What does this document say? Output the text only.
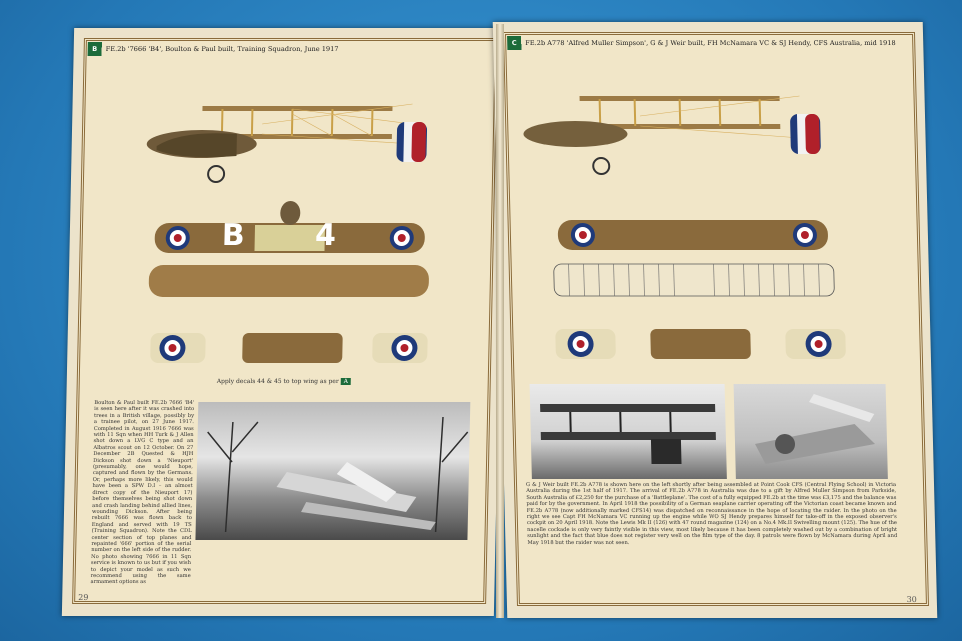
B	FE.2b '7666 'B4', Boulton & Paul built, Training Squadron, June 1917
B 4
Apply decals 44 & 45 to top wing as per A
Boulton & Paul built FE.2b 7666 'B4' is seen here after it was crashed into trees in a British village, possibly by a trainee pilot, on 27 June 1917. Completed in August 1916 7666 was with 11 Sqn when HH Turk & J Allen shot down a LVG C type and an Albatros scout on 12 October. On 27 December 2B Quested & HJH Dickson shot down a 'Nieuport' (presumably, one would hope, captured and flown by the Germans. Or, perhaps more likely, this would have been a SPW D.I – an almost direct copy of the Nieuport 17) before themselves being shot down and crash landing behind allied lines, wounding Dickson. After being rebuilt 7666 was flown back to England and served with 19 TS (Training Squadron). Note the CDL center section of top planes and repainted '666' portion of the serial number on the left side of the rudder. No photo showing 7666 in 11 Sqn service is known to us but if you wish to depict your model as such we recommend using the same armament options as
29
C	FE.2b A778 'Alfred Muller Simpson', G & J Weir built, FH McNamara VC & SJ Hendy, CFS Australia, mid 1918
G & J Weir built FE.2b A778 is shown here on the left shortly after being assembled at Point Cook CFS (Central Flying School) in Victoria Australia during the 1st half of 1917. The arrival of FE.2b A778 in Australia was due to a gift by Alfred Muller Simpson from Parkside, South Australia of £2,250 for the purchase of a 'Battleplane'. The cost of a fully equipped FE.2b at the time was £3,175 and the balance was paid for by the government. In April 1918 the possibility of a German seaplane carrier operating off the Victorian coast became known and FE.2b A778 (now additionally marked CFS14) was dispatched on reconnaissance in the hope of locating the raider. In the photo on the right we see Capt FH McNamara VC running up the engine while WO SJ Hendy prepares himself for take-off in the exposed observer's cockpit on 20 April 1918. Note the Lewis Mk II (126) with 47 round magazine (124) on a No.4 Mk.II Swivelling mount (125). The hue of the nacelle cockade is only very faintly visible in this view, most likely because it has been completely washed out by a combination of bright sunlight and the fact that blue does not register very well on the film type of the day. 8 patrols were flown by McNamara during April and May 1918 but the raider was not seen.
30
